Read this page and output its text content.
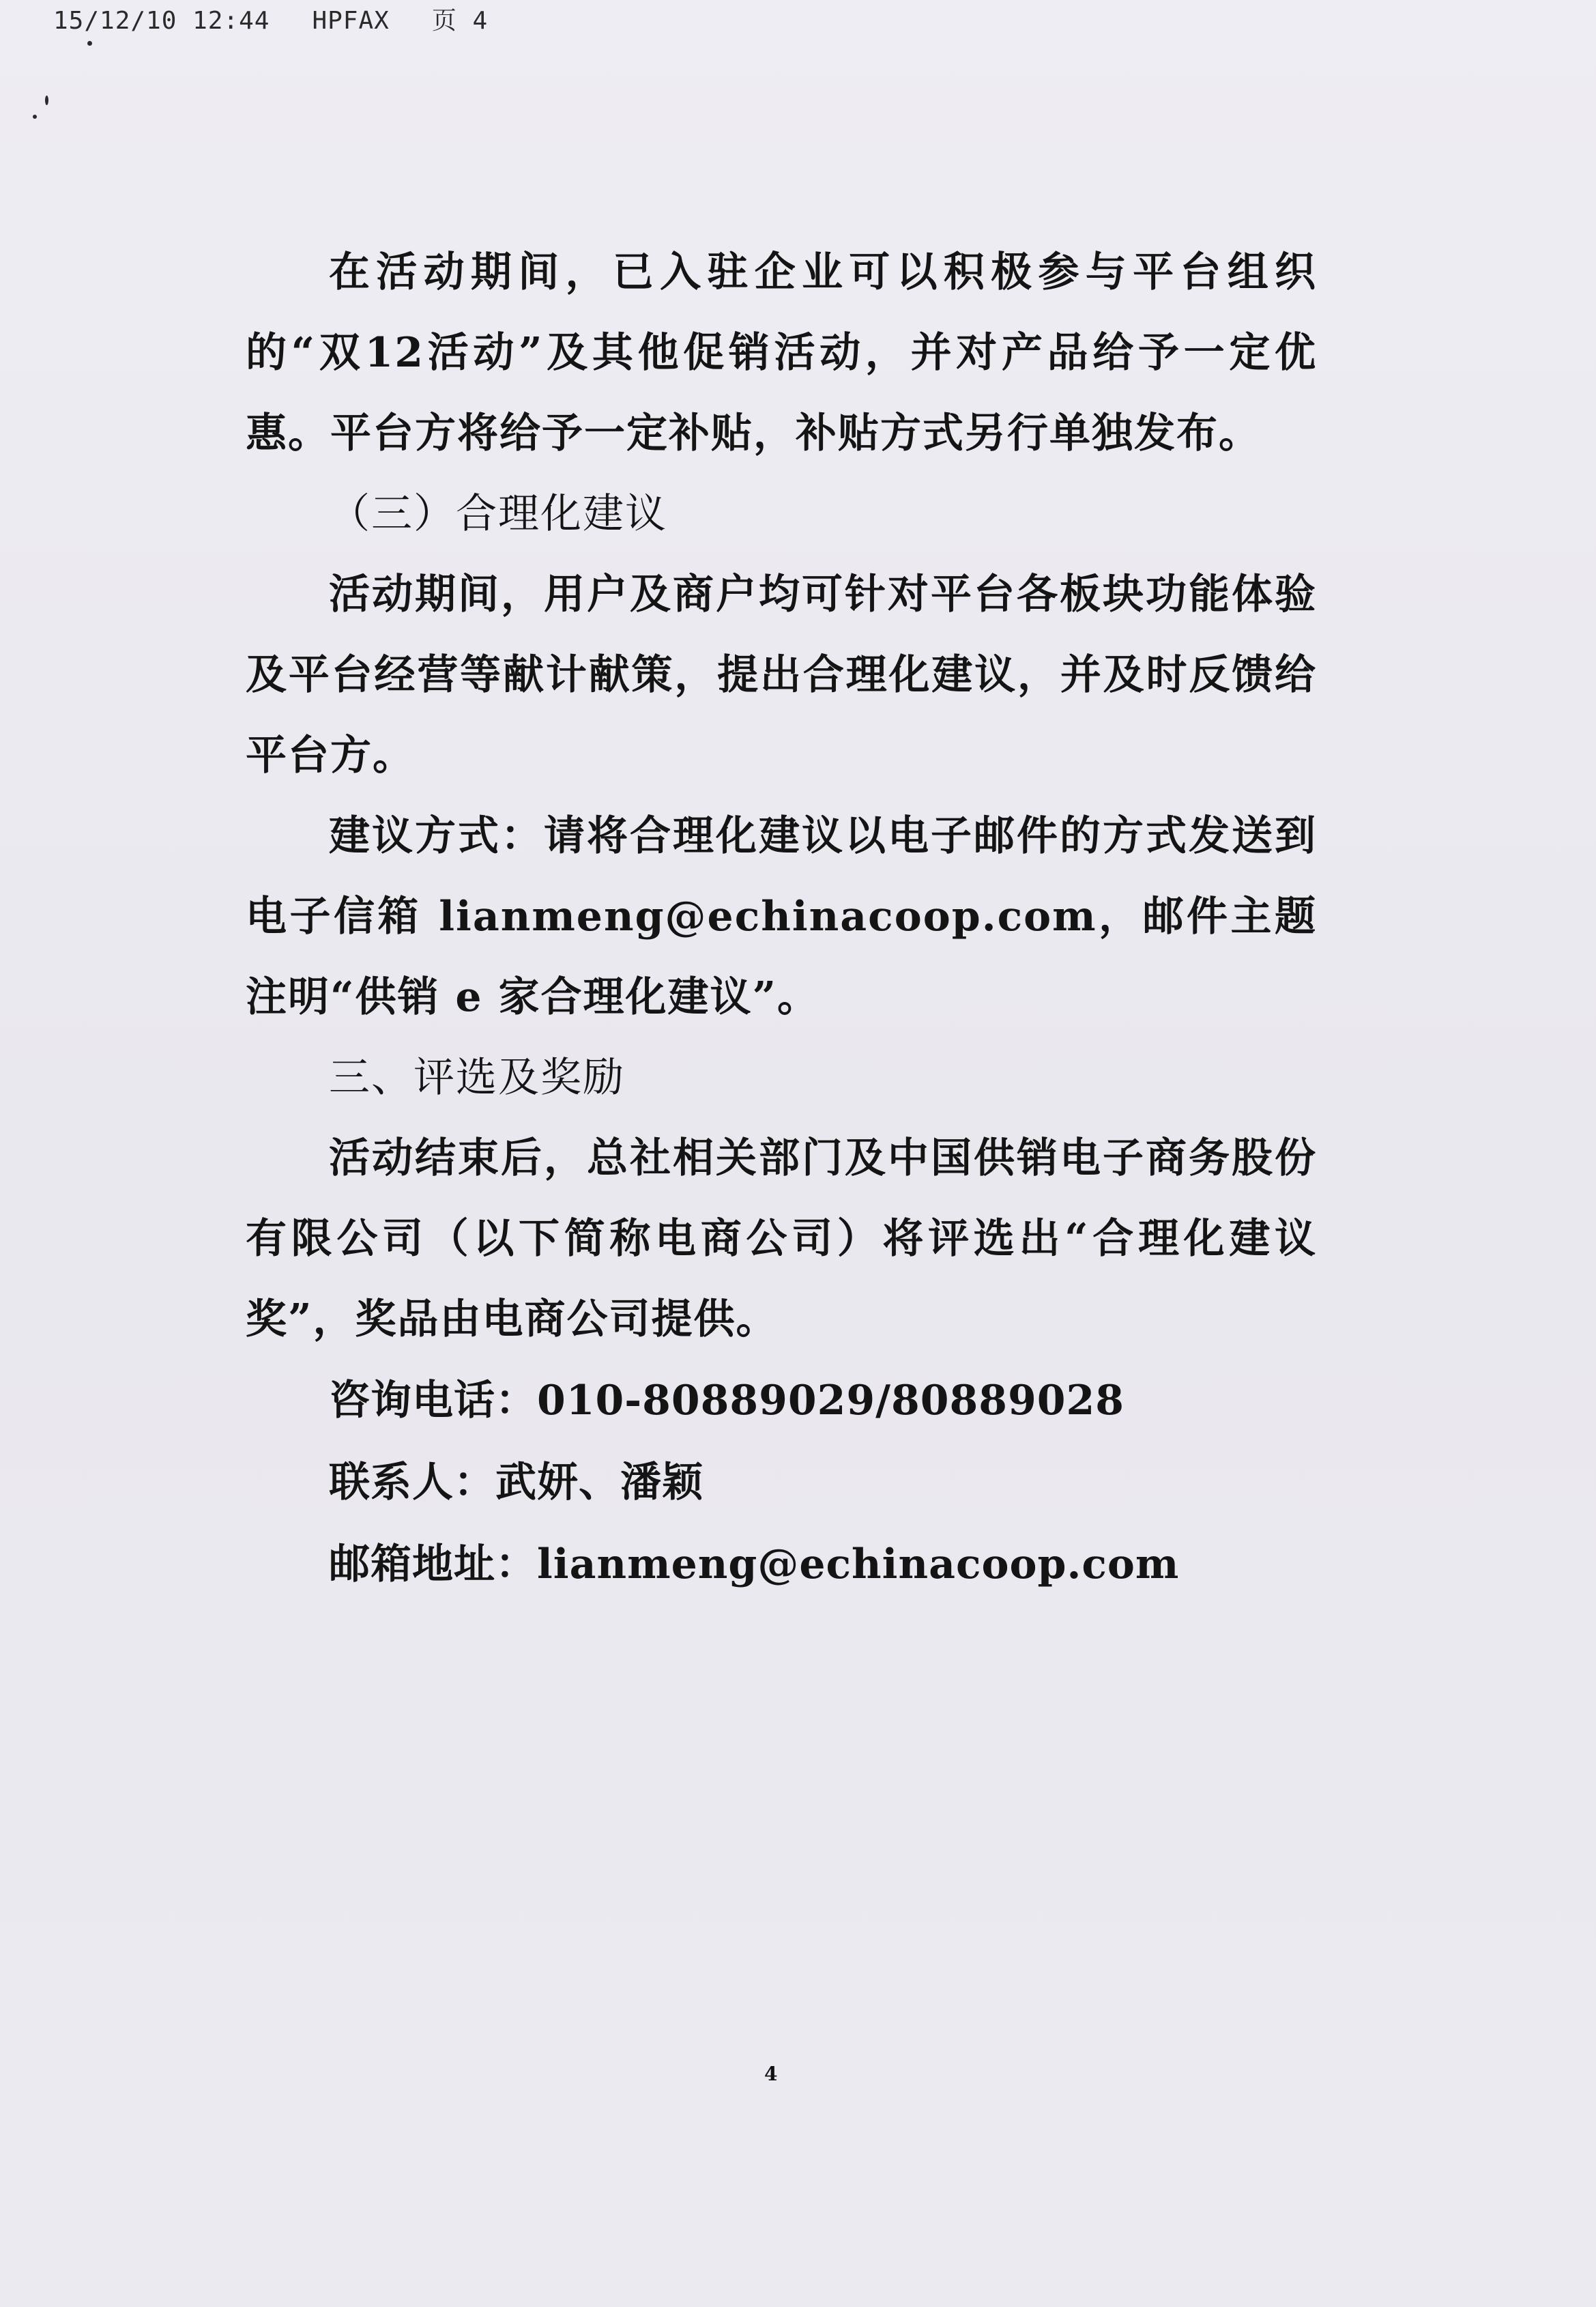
15/12/10 12:44 HPFAX 页 4

在活动期间，已入驻企业可以积极参与平台组织的“双12活动”及其他促销活动，并对产品给予一定优惠。平台方将给予一定补贴，补贴方式另行单独发布。

（三）合理化建议

活动期间，用户及商户均可针对平台各板块功能体验及平台经营等献计献策，提出合理化建议，并及时反馈给平台方。

建议方式：请将合理化建议以电子邮件的方式发送到电子信箱 lianmeng@echinacoop.com，邮件主题注明“供销 e 家合理化建议”。

三、评选及奖励

活动结束后，总社相关部门及中国供销电子商务股份有限公司（以下简称电商公司）将评选出“合理化建议奖”，奖品由电商公司提供。

咨询电话：010-80889029/80889028

联系人：武妍、潘颖

邮箱地址：lianmeng@echinacoop.com

4
